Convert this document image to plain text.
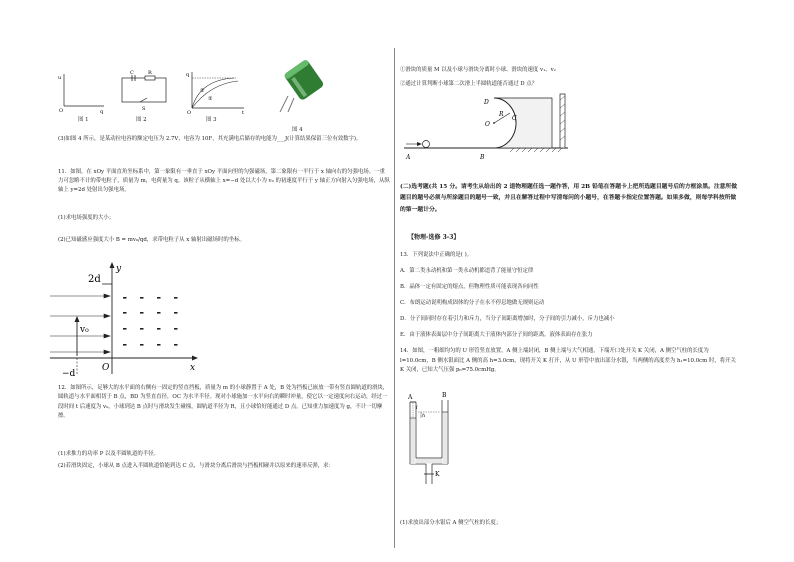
u
q
O
图 1
C	R
S
图 2
q
t
O
①
②
图 3
图 4
(3)如图 4 所示，是某动拉电容的额定电压为 2.7V，电容为 10F，其充满电后储存的电能为___J(计算结果保留三位有效数字)。
11．如图，在 xOy 平面直角坐标系中，第一象限有一垂直于 xOy 平面向里的匀强磁场，第二象限有一平行于 x 轴向右的匀强电场。一重力可忽略不计的带电粒子，质量为 m，电荷量为 q。该粒子从横轴上 x=−d 处以大小为 v₀ 的初速度平行于 y 轴正方向射入匀强电场，从纵轴上 y=2d 处射出匀强电场。
(1)求电场强度的大小；
(2)已知磁感应强度大小 B = mv₀/qd，求带电粒子从 x 轴射出磁场时的坐标。
y
x
O
2d
−d
v₀
12．如图所示，足够大的水平面的右侧有一固定的竖直挡板，质量为 m 的小球静置于 A 处，B 处为挡板已嵌放一带有竖直圆轨道的滑块，圆轨道与水平面相切于 B 点，BD 为竖直直径，OC 为水平半径。现对小球施加一水平向右的瞬时冲量，使它以一定速度向右运动，经过一段时间 t 后速度为 v₀，小球到达 B 点时与滑块发生碰撞，圆轨道半径为 R，且小球恰好能通过 D 点。已知重力加速度为 g，不计一切摩擦。
(1)求推力的功率 P 以及半圆轨道的半径。
(2)若滑块固定，小球从 B 点进入半圆轨道恰能到达 C 点，与滑块分离后滑块与挡板相碰并以原来的速率反弹，求：
①滑块的质量 M 以及小球与滑块分离时小球、滑块的速度 v₁、v₂
②通过计算判断小球第二次滑上半圆轨道能否通过 D 点？
D
R
O
C
A	B
(二)选考题(共 15 分。请考生从给出的 2 道物理题任选一题作答，用 2B 铅笔在答题卡上把所选题目题号后的方框涂黑。注意所做题目的题号必须与所涂题目的题号一致，并且在解答过程中写清每问的小题号，在答题卡指定位置答题。如果多做，则每学科按所做的第一题计分。
【物理-选修 3-3】
13．下列说法中正确的是( )。
A．第二类永动机和第一类永动机都违背了能量守恒定律
B．晶体一定有固定的熔点，但物理性质可能表现各向同性
C．布朗运动说明构成固体的分子在永不停息地做无规则运动
D．分子间同时存在着引力和斥力，当分子间距离增加时，分子间的引力减小，斥力也减小
E．由于液体表面层中分子间距离大于液体内部分子间的距离，液体表面存在张力
14．如图，一粗细均匀的 U 形管竖直放置，A 侧上端封闭，B 侧上端与大气相通，下端开口处开关 K 关闭，A 侧空气柱的长度为 l=10.0cm，B 侧水银面比 A 侧的高 h=3.0cm，现将开关 K 打开，从 U 形管中放出部分水银，当两侧的高度差为 h₁=10.0cm 时，将开关 K 关闭，已知大气压强 p₀=75.0cmHg。
A	B
h
l
K
(1)求放出部分水银后 A 侧空气柱的长度；
